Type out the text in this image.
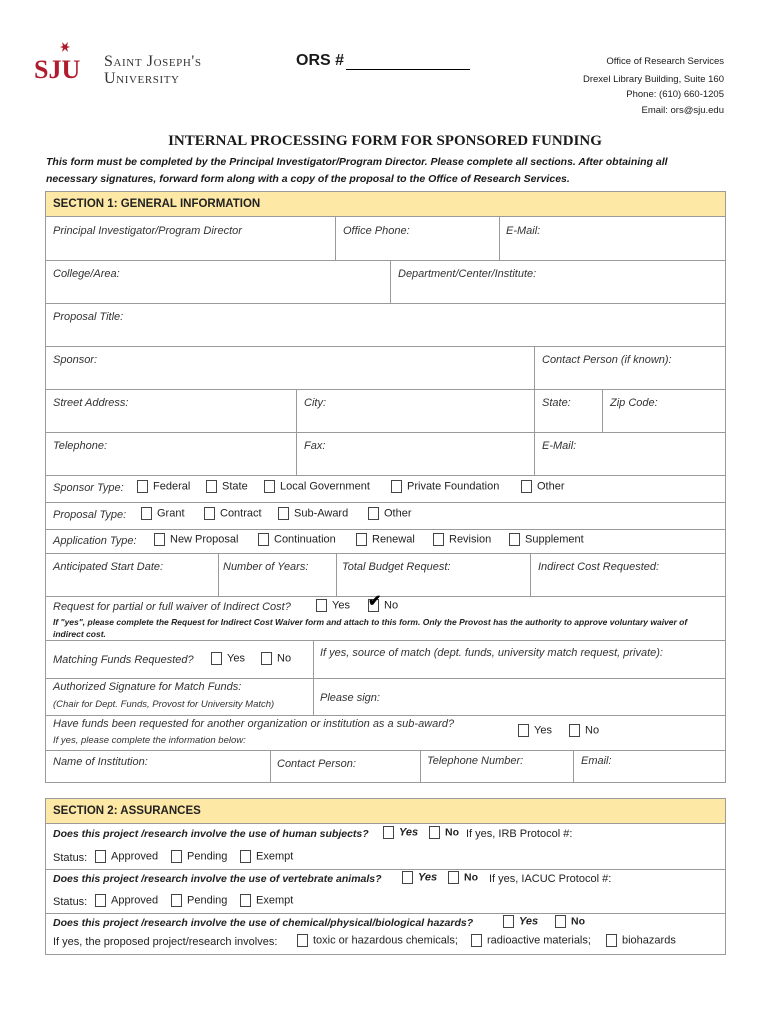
SJU Saint Joseph's
University
ORS #	Office of Research Services
Drexel Library Building, Suite 160
Phone: (610) 660-1205
Email: ors@sju.edu
INTERNAL PROCESSING FORM FOR SPONSORED FUNDING
This form must be completed by the Principal Investigator/Program Director. Please complete all sections. After obtaining all
necessary signatures, forward form along with a copy of the proposal to the Office of Research Services.
SECTION 1: GENERAL INFORMATION
Principal Investigator/Program Director	Office Phone:	E-Mail:
College/Area:	Department/Center/Institute:
Proposal Title:
Sponsor:	Contact Person (if known):
Street Address:	City:	State:	Zip Code:
Telephone:	Fax:	E-Mail:
Sponsor Type:	Federal	State	Local Government	Private Foundation	Other
Proposal Type:	Grant	Contract	Sub-Award	Other
Application Type:	New Proposal	Continuation	Renewal	Revision	Supplement
Anticipated Start Date:	Number of Years:	Total Budget Request:	Indirect Cost Requested:
Request for partial or full waiver of Indirect Cost?	Yes ✔ No
If "yes", please complete the Request for Indirect Cost Waiver form and attach to this form. Only the Provost has the authority to approve voluntary waiver of
indirect cost.
Matching Funds Requested?	Yes	No	If yes, source of match (dept. funds, university match request, private):
Authorized Signature for Match Funds:
(Chair for Dept. Funds, Provost for University Match)
Please sign:
Have funds been requested for another organization or institution as a sub-award?
If yes, please complete the information below:
Yes	No
Name of Institution:	Contact Person:	Telephone Number:	Email:
SECTION 2: ASSURANCES
Does this project /research involve the use of human subjects?	Yes	No If yes, IRB Protocol #:
Status:	Approved	Pending	Exempt
Does this project /research involve the use of vertebrate animals?	Yes	No If yes, IACUC Protocol #:
Status:	Approved	Pending	Exempt
Does this project /research involve the use of chemical/physical/biological hazards?	Yes	No
If yes, the proposed project/research involves:	toxic or hazardous chemicals;	radioactive materials;	biohazards
